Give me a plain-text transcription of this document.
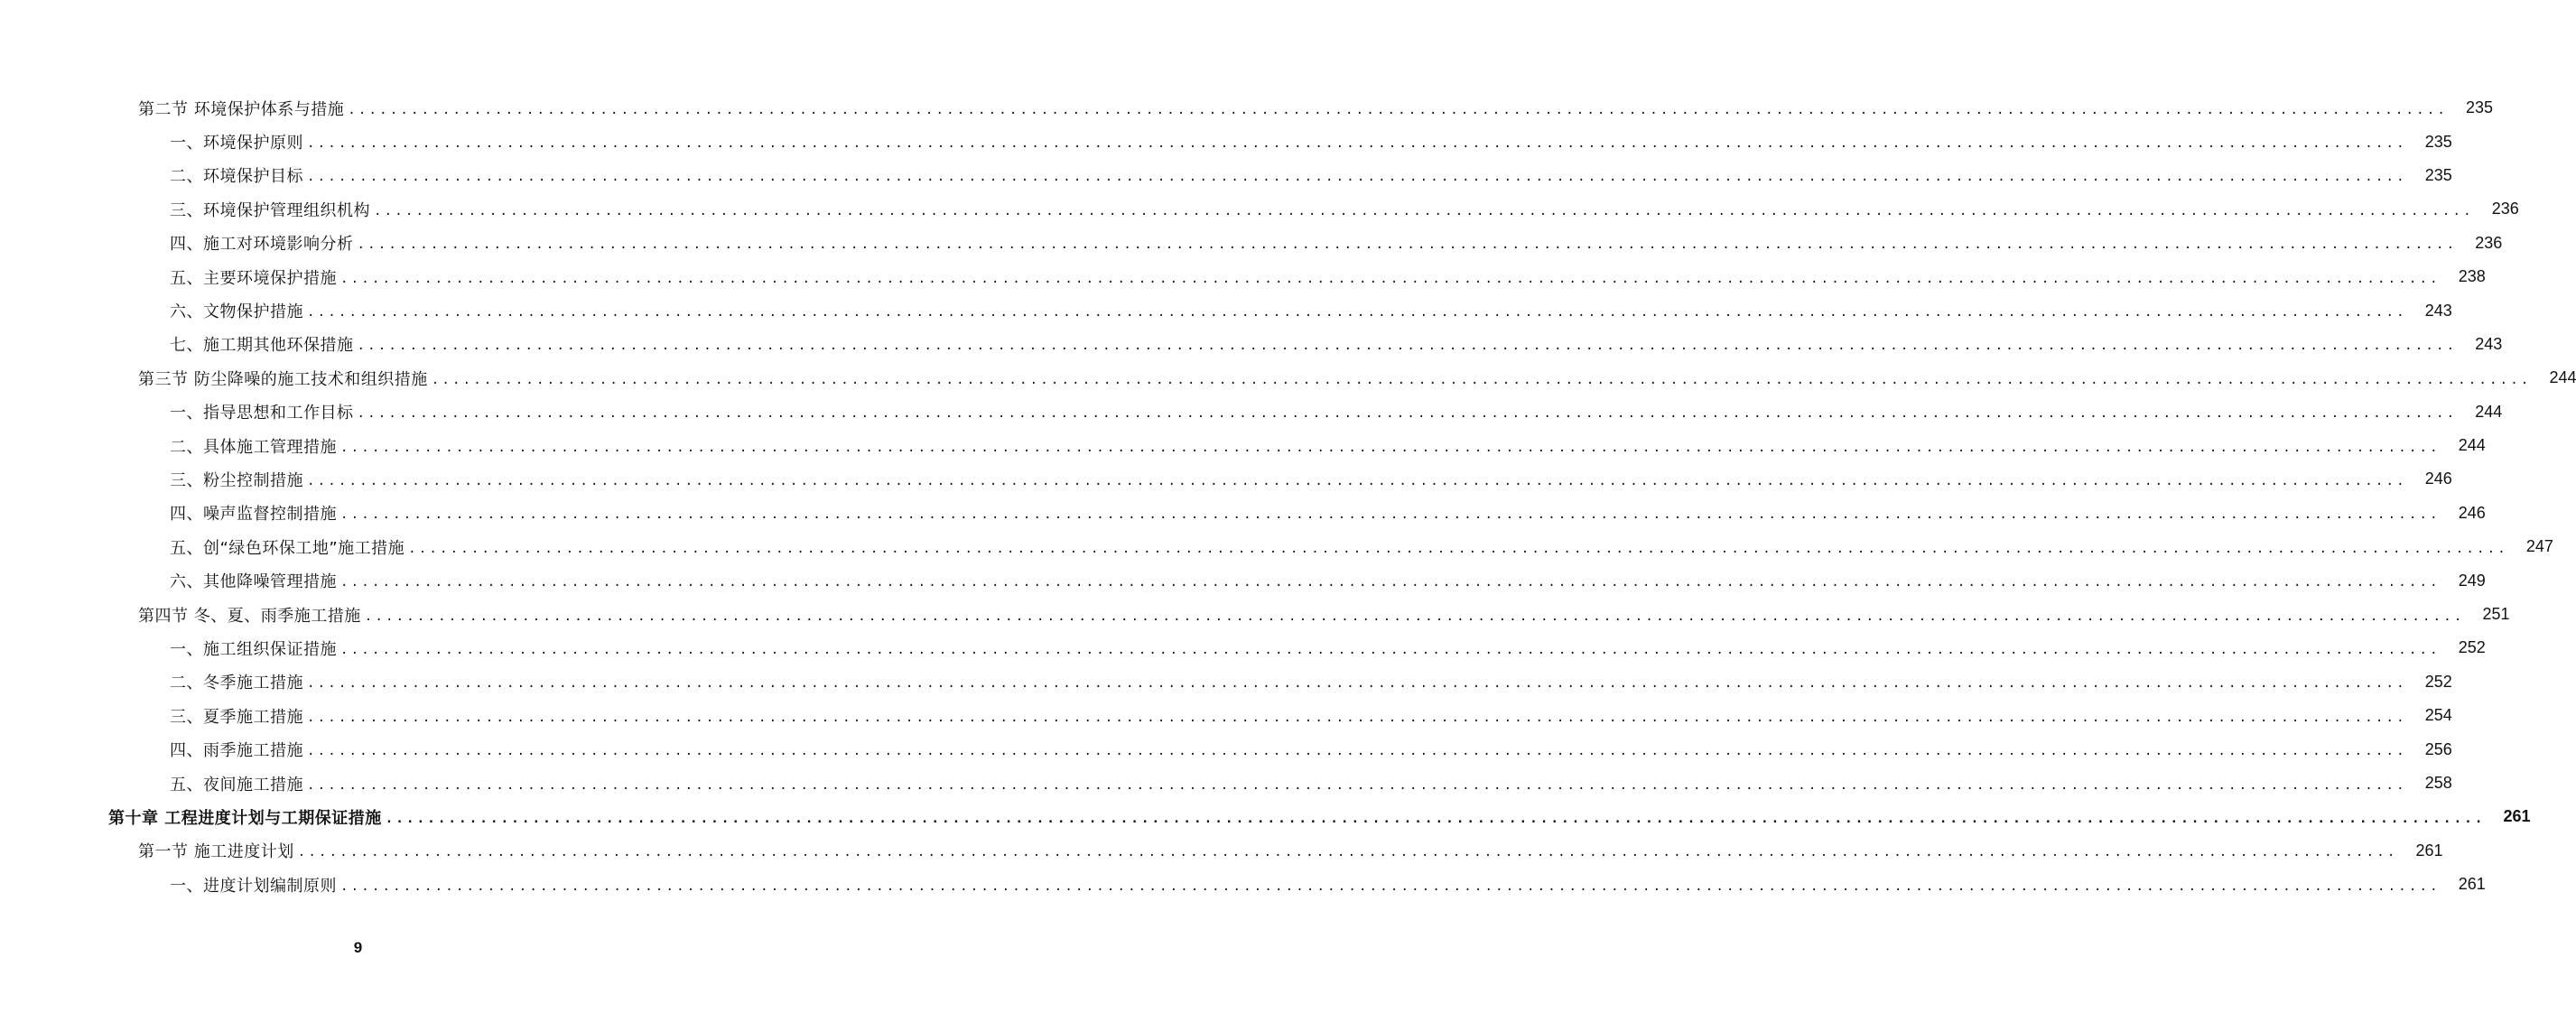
第二节 环境保护体系与措施 ........................................................................................................................................................................................................	235
一、环境保护原则 ........................................................................................................................................................................................................	235
二、环境保护目标 ........................................................................................................................................................................................................	235
三、环境保护管理组织机构 ........................................................................................................................................................................................................	236
四、施工对环境影响分析 ........................................................................................................................................................................................................	236
五、主要环境保护措施 ........................................................................................................................................................................................................	238
六、文物保护措施 ........................................................................................................................................................................................................	243
七、施工期其他环保措施 ........................................................................................................................................................................................................	243
第三节 防尘降噪的施工技术和组织措施 ........................................................................................................................................................................................................	244
一、指导思想和工作目标 ........................................................................................................................................................................................................	244
二、具体施工管理措施 ........................................................................................................................................................................................................	244
三、粉尘控制措施 ........................................................................................................................................................................................................	246
四、噪声监督控制措施 ........................................................................................................................................................................................................	246
五、创“绿色环保工地”施工措施 ........................................................................................................................................................................................................	247
六、其他降噪管理措施 ........................................................................................................................................................................................................	249
第四节 冬、夏、雨季施工措施 ........................................................................................................................................................................................................	251
一、施工组织保证措施 ........................................................................................................................................................................................................	252
二、冬季施工措施 ........................................................................................................................................................................................................	252
三、夏季施工措施 ........................................................................................................................................................................................................	254
四、雨季施工措施 ........................................................................................................................................................................................................	256
五、夜间施工措施 ........................................................................................................................................................................................................	258
第十章 工程进度计划与工期保证措施 ........................................................................................................................................................................................................	261
第一节 施工进度计划 ........................................................................................................................................................................................................	261
一、进度计划编制原则 ........................................................................................................................................................................................................	261
9
